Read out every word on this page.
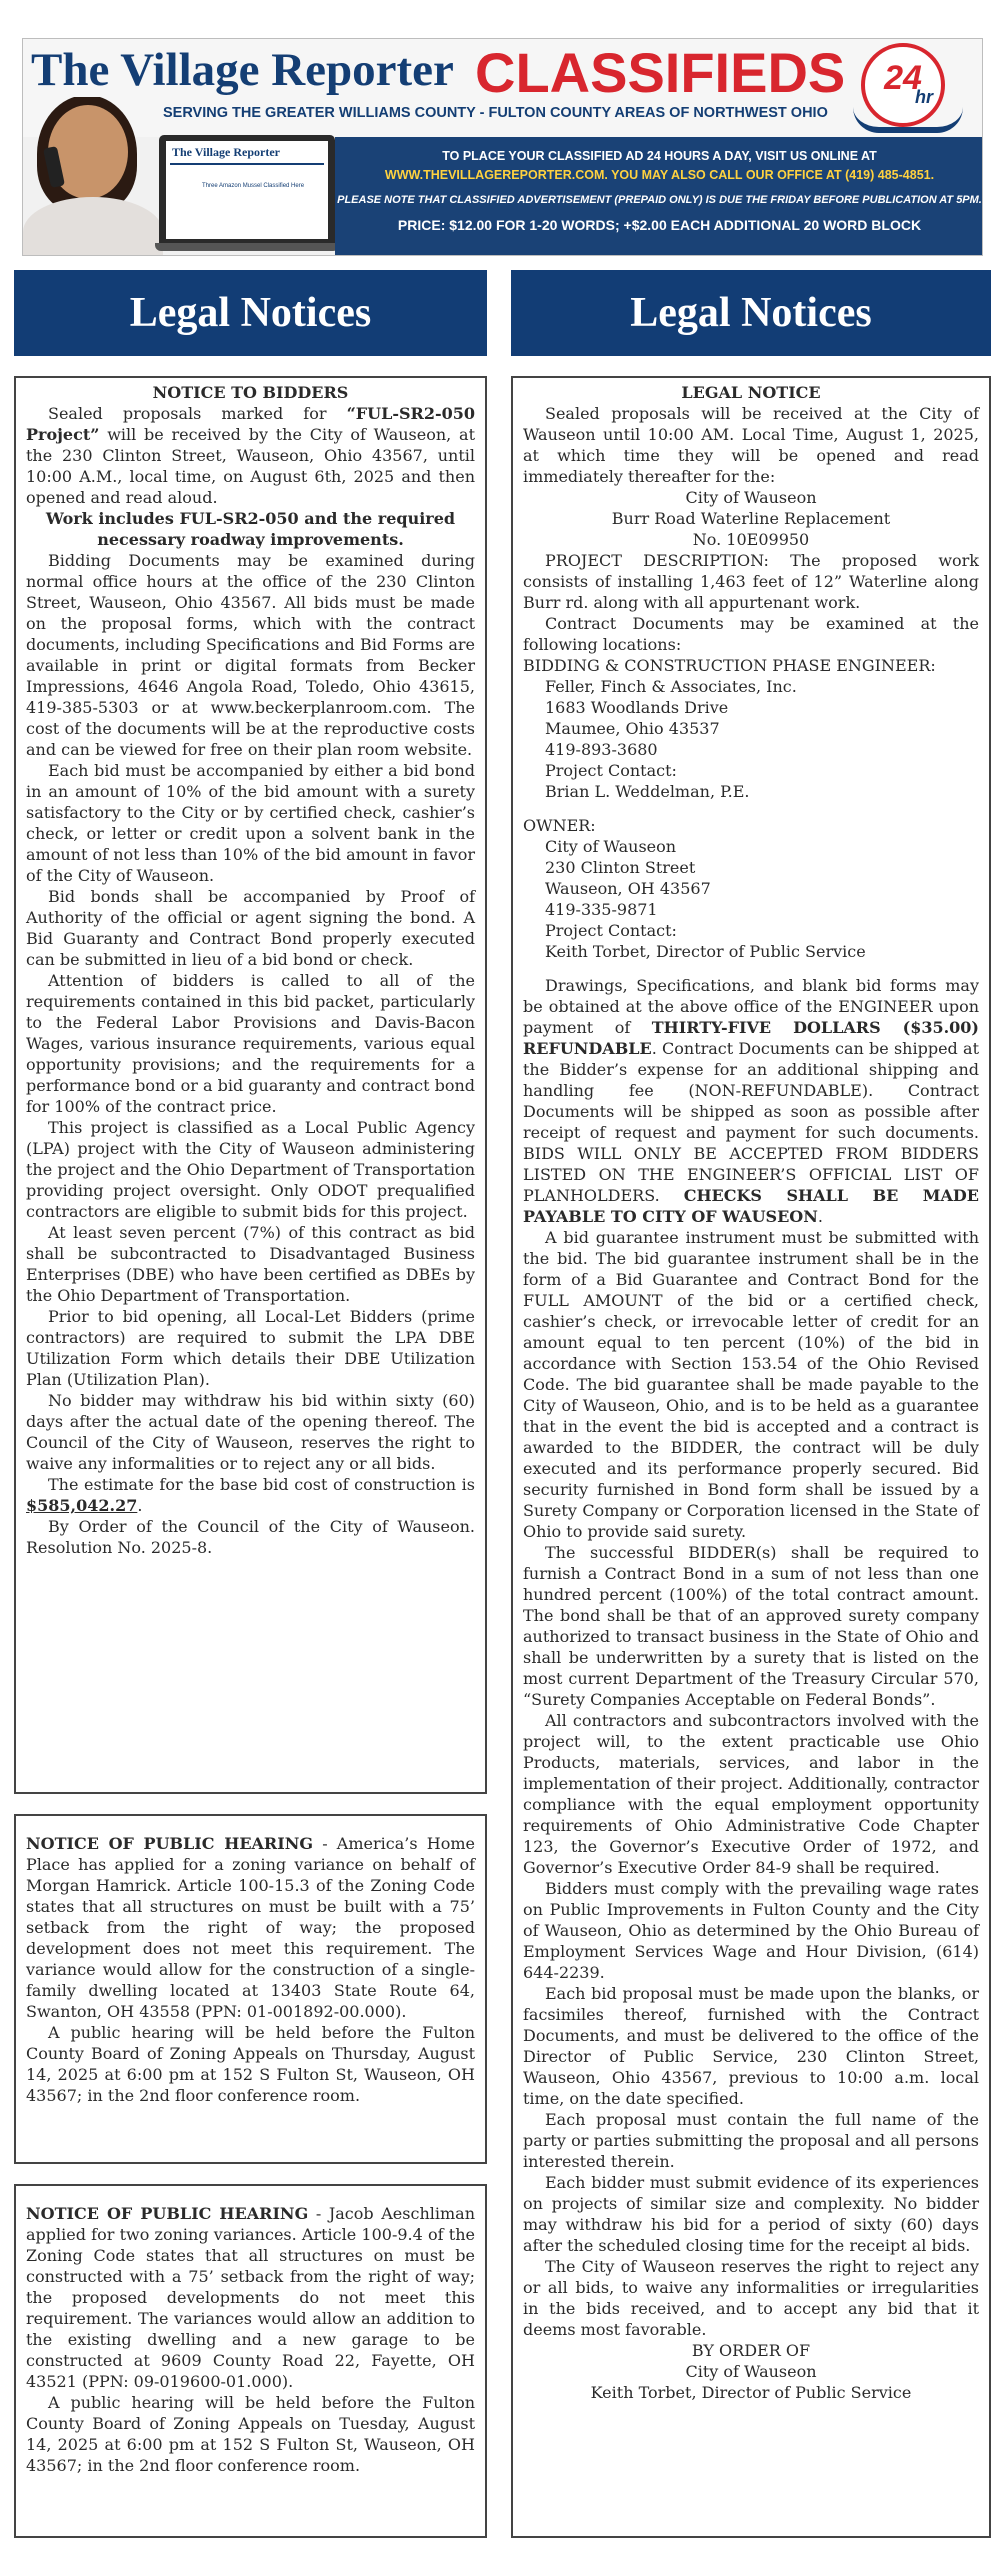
The Village Reporter CLASSIFIEDS	24
hr
SERVING THE GREATER WILLIAMS COUNTY - FULTON COUNTY AREAS OF NORTHWEST OHIO
The Village Reporter
Three Amazon Mussel Classified Here
TO PLACE YOUR CLASSIFIED AD 24 HOURS A DAY, VISIT US ONLINE AT
WWW.THEVILLAGEREPORTER.COM. YOU MAY ALSO CALL OUR OFFICE AT (419) 485-4851.
PLEASE NOTE THAT CLASSIFIED ADVERTISEMENT (PREPAID ONLY) IS DUE THE FRIDAY BEFORE PUBLICATION AT 5PM.
PRICE: $12.00 FOR 1-20 WORDS; +$2.00 EACH ADDITIONAL 20 WORD BLOCK
Legal Notices	Legal Notices

NOTICE TO BIDDERS

Sealed proposals marked for “FUL-SR2-050 Project” will be received by the City of Wauseon, at the 230 Clinton Street, Wauseon, Ohio 43567, until 10:00 A.M., local time, on August 6th, 2025 and then opened and read aloud.

Work includes FUL-SR2-050 and the required necessary roadway improvements.

Bidding Documents may be examined during normal office hours at the office of the 230 Clinton Street, Wauseon, Ohio 43567. All bids must be made on the proposal forms, which with the contract documents, including Specifications and Bid Forms are available in print or digital formats from Becker Impressions, 4646 Angola Road, Toledo, Ohio 43615, 419-385-5303 or at www.beckerplanroom.com. The cost of the documents will be at the reproductive costs and can be viewed for free on their plan room website.

Each bid must be accompanied by either a bid bond in an amount of 10% of the bid amount with a surety satisfactory to the City or by certified check, cashier’s check, or letter or credit upon a solvent bank in the amount of not less than 10% of the bid amount in favor of the City of Wauseon.

Bid bonds shall be accompanied by Proof of Authority of the official or agent signing the bond. A Bid Guaranty and Contract Bond properly executed can be submitted in lieu of a bid bond or check.

Attention of bidders is called to all of the requirements contained in this bid packet, particularly to the Federal Labor Provisions and Davis-Bacon Wages, various insurance requirements, various equal opportunity provisions; and the requirements for a performance bond or a bid guaranty and contract bond for 100% of the contract price.

This project is classified as a Local Public Agency (LPA) project with the City of Wauseon administering the project and the Ohio Department of Transportation providing project oversight. Only ODOT prequalified contractors are eligible to submit bids for this project.

At least seven percent (7%) of this contract as bid shall be subcontracted to Disadvantaged Business Enterprises (DBE) who have been certified as DBEs by the Ohio Department of Transportation.

Prior to bid opening, all Local-Let Bidders (prime contractors) are required to submit the LPA DBE Utilization Form which details their DBE Utilization Plan (Utilization Plan).

No bidder may withdraw his bid within sixty (60) days after the actual date of the opening thereof. The Council of the City of Wauseon, reserves the right to waive any informalities or to reject any or all bids.

The estimate for the base bid cost of construction is $585,042.27.

By Order of the Council of the City of Wauseon. Resolution No. 2025-8.

NOTICE OF PUBLIC HEARING - America’s Home Place has applied for a zoning variance on behalf of Morgan Hamrick. Article 100-15.3 of the Zoning Code states that all structures on must be built with a 75’ setback from the right of way; the proposed development does not meet this requirement. The variance would allow for the construction of a single-family dwelling located at 13403 State Route 64, Swanton, OH 43558 (PPN: 01-001892-00.000).

A public hearing will be held before the Fulton County Board of Zoning Appeals on Thursday, August 14, 2025 at 6:00 pm at 152 S Fulton St, Wauseon, OH 43567; in the 2nd floor conference room.

NOTICE OF PUBLIC HEARING - Jacob Aeschliman applied for two zoning variances. Article 100-9.4 of the Zoning Code states that all structures on must be constructed with a 75’ setback from the right of way; the proposed developments do not meet this requirement. The variances would allow an addition to the existing dwelling and a new garage to be constructed at 9609 County Road 22, Fayette, OH 43521 (PPN: 09-019600-01.000).

A public hearing will be held before the Fulton County Board of Zoning Appeals on Tuesday, August 14, 2025 at 6:00 pm at 152 S Fulton St, Wauseon, OH 43567; in the 2nd floor conference room.

LEGAL NOTICE

Sealed proposals will be received at the City of Wauseon until 10:00 AM. Local Time, August 1, 2025, at which time they will be opened and read immediately thereafter for the:

City of Wauseon

Burr Road Waterline Replacement

No. 10E09950

PROJECT DESCRIPTION: The proposed work consists of installing 1,463 feet of 12” Waterline along Burr rd. along with all appurtenant work.

Contract Documents may be examined at the following locations:

BIDDING & CONSTRUCTION PHASE ENGINEER:

Feller, Finch & Associates, Inc.

1683 Woodlands Drive

Maumee, Ohio 43537

419-893-3680

Project Contact:

Brian L. Weddelman, P.E.

OWNER:

City of Wauseon

230 Clinton Street

Wauseon, OH 43567

419-335-9871

Project Contact:

Keith Torbet, Director of Public Service

Drawings, Specifications, and blank bid forms may be obtained at the above office of the ENGINEER upon payment of THIRTY-FIVE DOLLARS ($35.00) REFUNDABLE. Contract Documents can be shipped at the Bidder’s expense for an additional shipping and handling fee (NON-REFUNDABLE). Contract Documents will be shipped as soon as possible after receipt of request and payment for such documents. BIDS WILL ONLY BE ACCEPTED FROM BIDDERS LISTED ON THE ENGINEER’S OFFICIAL LIST OF PLANHOLDERS. CHECKS SHALL BE MADE PAYABLE TO CITY OF WAUSEON.

A bid guarantee instrument must be submitted with the bid. The bid guarantee instrument shall be in the form of a Bid Guarantee and Contract Bond for the FULL AMOUNT of the bid or a certified check, cashier’s check, or irrevocable letter of credit for an amount equal to ten percent (10%) of the bid in accordance with Section 153.54 of the Ohio Revised Code. The bid guarantee shall be made payable to the City of Wauseon, Ohio, and is to be held as a guarantee that in the event the bid is accepted and a contract is awarded to the BIDDER, the contract will be duly executed and its performance properly secured. Bid security furnished in Bond form shall be issued by a Surety Company or Corporation licensed in the State of Ohio to provide said surety.

The successful BIDDER(s) shall be required to furnish a Contract Bond in a sum of not less than one hundred percent (100%) of the total contract amount. The bond shall be that of an approved surety company authorized to transact business in the State of Ohio and shall be underwritten by a surety that is listed on the most current Department of the Treasury Circular 570, “Surety Companies Acceptable on Federal Bonds”.

All contractors and subcontractors involved with the project will, to the extent practicable use Ohio Products, materials, services, and labor in the implementation of their project. Additionally, contractor compliance with the equal employment opportunity requirements of Ohio Administrative Code Chapter 123, the Governor’s Executive Order of 1972, and Governor’s Executive Order 84-9 shall be required.

Bidders must comply with the prevailing wage rates on Public Improvements in Fulton County and the City of Wauseon, Ohio as determined by the Ohio Bureau of Employment Services Wage and Hour Division, (614) 644-2239.

Each bid proposal must be made upon the blanks, or facsimiles thereof, furnished with the Contract Documents, and must be delivered to the office of the Director of Public Service, 230 Clinton Street, Wauseon, Ohio 43567, previous to 10:00 a.m. local time, on the date specified.

Each proposal must contain the full name of the party or parties submitting the proposal and all persons interested therein.

Each bidder must submit evidence of its experiences on projects of similar size and complexity. No bidder may withdraw his bid for a period of sixty (60) days after the scheduled closing time for the receipt al bids.

The City of Wauseon reserves the right to reject any or all bids, to waive any informalities or irregularities in the bids received, and to accept any bid that it deems most favorable.

BY ORDER OF

City of Wauseon

Keith Torbet, Director of Public Service
